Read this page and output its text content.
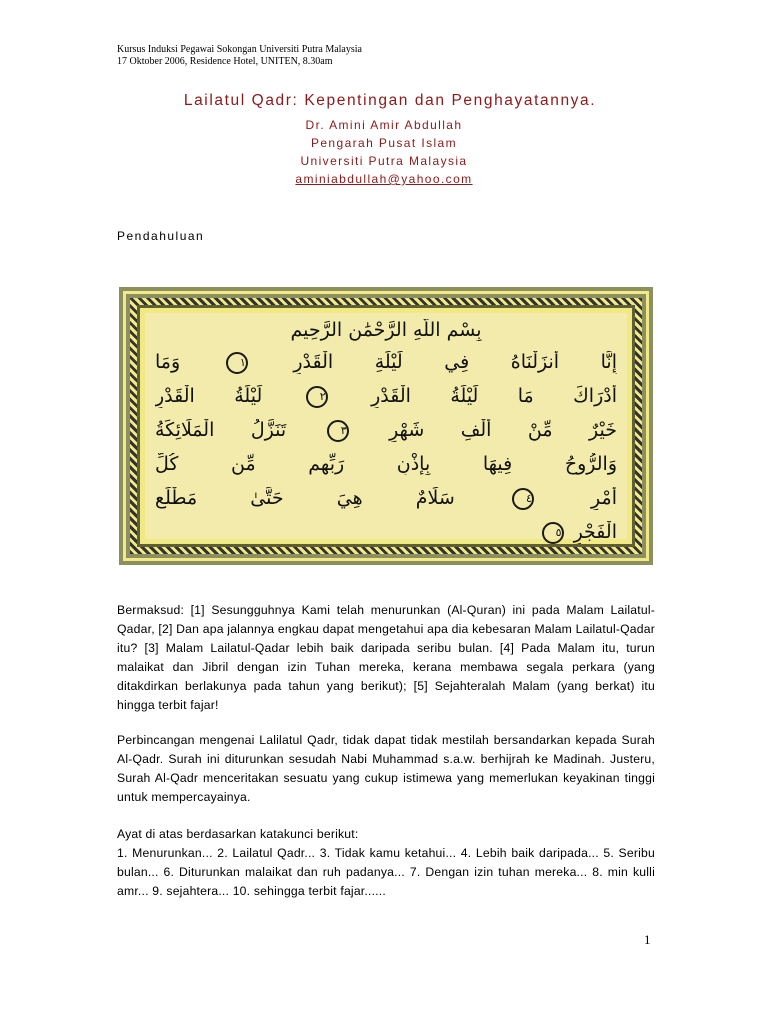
Kursus Induksi Pegawai Sokongan Universiti Putra Malaysia
17 Oktober 2006, Residence Hotel, UNITEN, 8.30am
Lailatul Qadr: Kepentingan dan Penghayatannya.
Dr. Amini Amir Abdullah
Pengarah Pusat Islam
Universiti Putra Malaysia
aminiabdullah@yahoo.com
Pendahuluan
بِسْمِ اللَّهِ الرَّحْمَٰنِ الرَّحِيمِ
إِنَّا أَنزَلْنَاهُ فِي لَيْلَةِ الْقَدْرِ ١ وَمَا
أَدْرَاكَ مَا لَيْلَةُ الْقَدْرِ ٢ لَيْلَةُ الْقَدْرِ
خَيْرٌ مِّنْ أَلْفِ شَهْرٍ ٣ تَنَزَّلُ الْمَلَائِكَةُ
وَالرُّوحُ فِيهَا بِإِذْنِ رَبِّهِم مِّن كُلِّ
أَمْرٍ ٤ سَلَامٌ هِيَ حَتَّىٰ مَطْلَعِ
الْفَجْرِ ٥
Bermaksud: [1] Sesungguhnya Kami telah menurunkan (Al-Quran) ini pada Malam Lailatul-Qadar, [2] Dan apa jalannya engkau dapat mengetahui apa dia kebesaran Malam Lailatul-Qadar itu? [3] Malam Lailatul-Qadar lebih baik daripada seribu bulan. [4] Pada Malam itu, turun malaikat dan Jibril dengan izin Tuhan mereka, kerana membawa segala perkara (yang ditakdirkan berlakunya pada tahun yang berikut); [5] Sejahteralah Malam (yang berkat) itu hingga terbit fajar!
Perbincangan mengenai Lalilatul Qadr, tidak dapat tidak mestilah bersandarkan kepada Surah Al-Qadr. Surah ini diturunkan sesudah Nabi Muhammad s.a.w. berhijrah ke Madinah. Justeru, Surah Al-Qadr menceritakan sesuatu yang cukup istimewa yang memerlukan keyakinan tinggi untuk mempercayainya.
Ayat di atas berdasarkan katakunci berikut:
1. Menurunkan... 2. Lailatul Qadr... 3. Tidak kamu ketahui... 4. Lebih baik daripada... 5. Seribu bulan... 6. Diturunkan malaikat dan ruh padanya... 7. Dengan izin tuhan mereka... 8. min kulli amr... 9. sejahtera... 10. sehingga terbit fajar......
1
